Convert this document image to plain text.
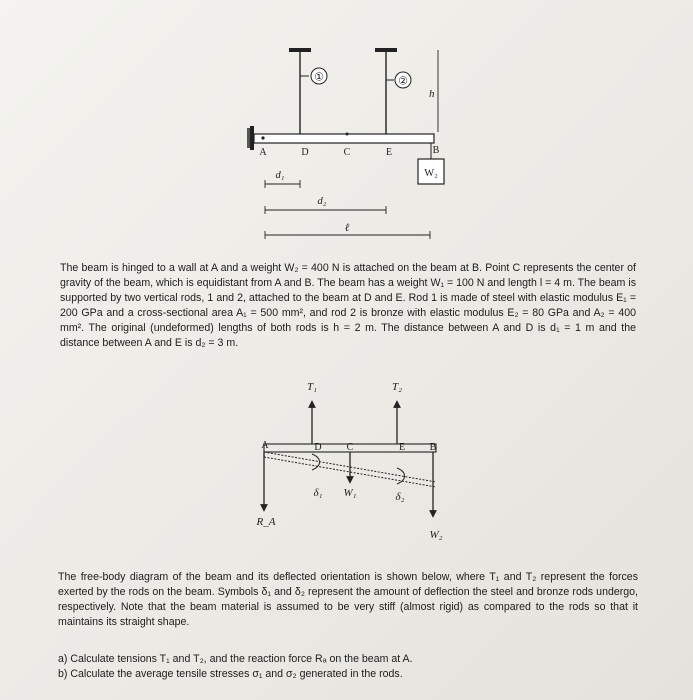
①	②
h
W₂
A	D	C	E	B
d₁
d₂
ℓ

The beam is hinged to a wall at A and a weight W₂ = 400 N is attached on the beam at B. Point C represents the center of gravity of the beam, which is equidistant from A and B. The beam has a weight W₁ = 100 N and length l = 4 m. The beam is supported by two vertical rods, 1 and 2, attached to the beam at D and E. Rod 1 is made of steel with elastic modulus E₁ = 200 GPa and a cross-sectional area A₁ = 500 mm², and rod 2 is bronze with elastic modulus E₂ = 80 GPa and A₂ = 400 mm². The original (undeformed) lengths of both rods is h = 2 m. The distance between A and D is d₁ = 1 m and the distance between A and E is d₂ = 3 m.

T₁	T₂
A	D	C	E B
δ₁	δ₂
W₁
R_A
W₂

The free-body diagram of the beam and its deflected orientation is shown below, where T₁ and T₂ represent the forces exerted by the rods on the beam. Symbols δ₁ and δ₂ represent the amount of deflection the steel and bronze rods undergo, respectively. Note that the beam material is assumed to be very stiff (almost rigid) as compared to the rods so that it maintains its straight shape.

a) Calculate tensions T₁ and T₂, and the reaction force Rₐ on the beam at A.
b) Calculate the average tensile stresses σ₁ and σ₂ generated in the rods.
